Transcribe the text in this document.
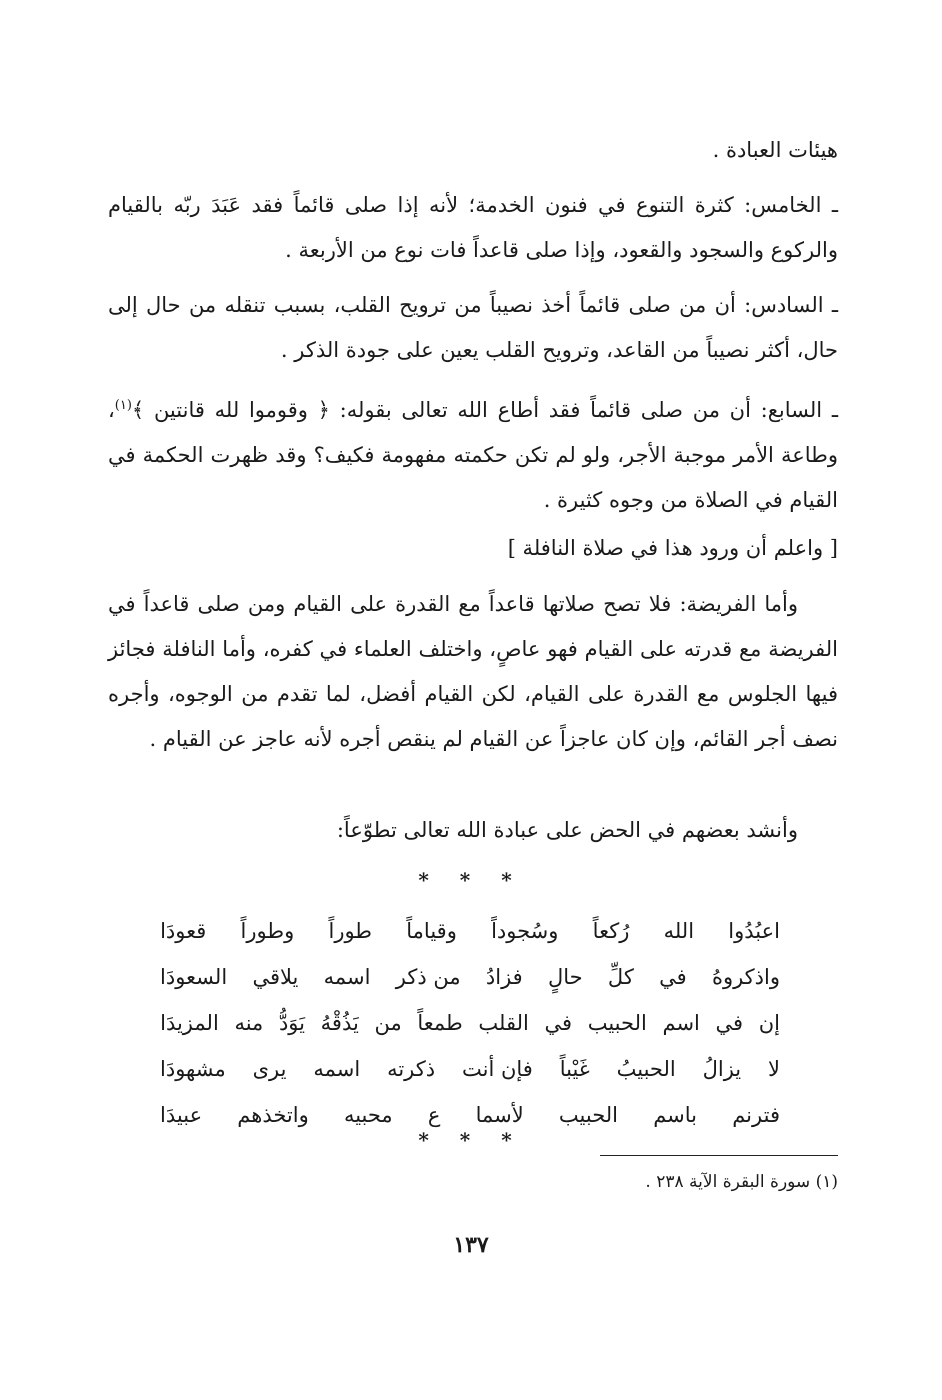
هيئات العبادة .
ـ الخامس: كثرة التنوع في فنون الخدمة؛ لأنه إذا صلى قائماً فقد عَبَدَ ربّه بالقيام والركوع والسجود والقعود، وإذا صلى قاعداً فات نوع من الأربعة .
ـ السادس: أن من صلى قائماً أخذ نصيباً من ترويح القلب، بسبب تنقله من حال إلى حال، أكثر نصيباً من القاعد، وترويح القلب يعين على جودة الذكر .
ـ السابع: أن من صلى قائماً فقد أطاع الله تعالى بقوله: ﴿ وقوموا لله قانتين ﴾$^{(١)}$، وطاعة الأمر موجبة الأجر، ولو لم تكن حكمته مفهومة فكيف؟ وقد ظهرت الحكمة في القيام في الصلاة من وجوه كثيرة .
[ واعلم أن ورود هذا في صلاة النافلة ]
وأما الفريضة: فلا تصح صلاتها قاعداً مع القدرة على القيام ومن صلى قاعداً في الفريضة مع قدرته على القيام فهو عاصٍ، واختلف العلماء في كفره، وأما النافلة فجائز فيها الجلوس مع القدرة على القيام، لكن القيام أفضل، لما تقدم من الوجوه، وأجره نصف أجر القائم، وإن كان عاجزاً عن القيام لم ينقص أجره لأنه عاجز عن القيام .
وأنشد بعضهم في الحض على عبادة الله تعالى تطوّعاً:
* * *
اعبُدُوا
الله
رُكعاً
وسُجوداً
وقياماً
طوراً
وطوراً
قعودَا
واذكروهُ
في
كلِّ
حالٍ
فزادُ
من ذكر
اسمه
يلاقي
السعودَا
إن
في
اسم
الحبيب
في
القلب
طمعاً
من
يَذُقْهُ
يَوَدُّ
منه
المزيدَا
لا
يزالُ
الحبيبُ
غَيْباً
فإن أنت
ذكرته
اسمه
يرى
مشهودَا
فترنم
باسم
الحبيب
لأسما
ع
محبيه
واتخذهم
عبيدَا
* * *
(١) سورة البقرة الآية ٢٣٨ .
١٣٧
